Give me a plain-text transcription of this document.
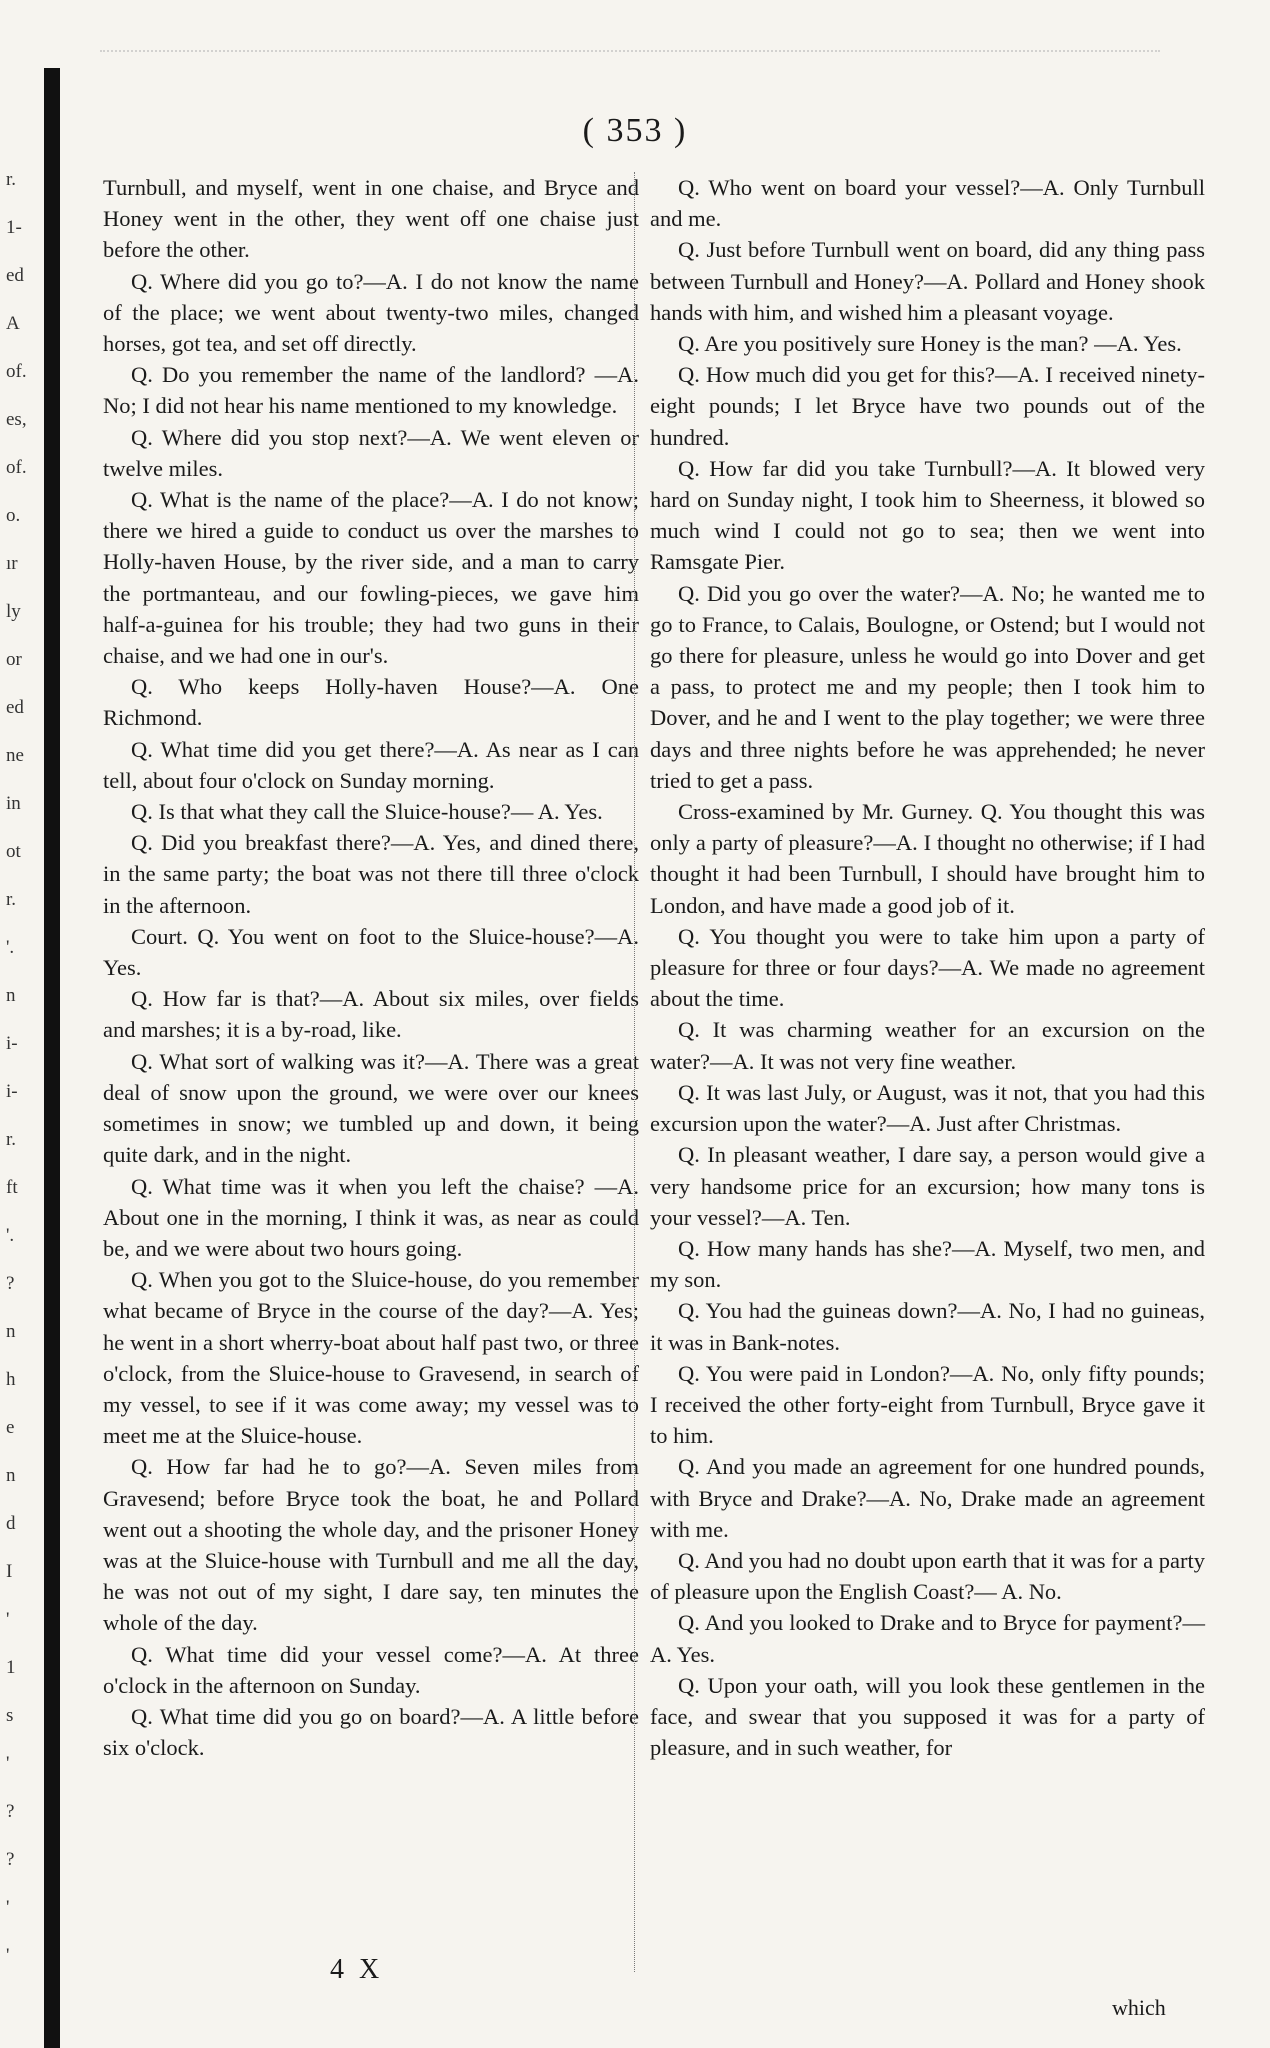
r.
1-
ed
A
of.
es,
of.
o.
ır
ly
or
ed
ne
in
ot
r.
'.
n
i-
i-
r.
ft
'.
?
n
h
e
n
d
I
'
1
s
'
?
?
'
'
( 353 )

Turnbull, and myself, went in one chaise, and Bryce and Honey went in the other, they went off one chaise just before the other.

Q. Where did you go to?—A. I do not know the name of the place; we went about twenty-two miles, changed horses, got tea, and set off directly.

Q. Do you remember the name of the landlord? —A. No; I did not hear his name mentioned to my knowledge.

Q. Where did you stop next?—A. We went eleven or twelve miles.

Q. What is the name of the place?—A. I do not know; there we hired a guide to conduct us over the marshes to Holly-haven House, by the river side, and a man to carry the portmanteau, and our fowling-pieces, we gave him half-a-guinea for his trouble; they had two guns in their chaise, and we had one in our's.

Q. Who keeps Holly-haven House?—A. One Richmond.

Q. What time did you get there?—A. As near as I can tell, about four o'clock on Sunday morning.

Q. Is that what they call the Sluice-house?— A. Yes.

Q. Did you breakfast there?—A. Yes, and dined there, in the same party; the boat was not there till three o'clock in the afternoon.

Court. Q. You went on foot to the Sluice-house?—A. Yes.

Q. How far is that?—A. About six miles, over fields and marshes; it is a by-road, like.

Q. What sort of walking was it?—A. There was a great deal of snow upon the ground, we were over our knees sometimes in snow; we tumbled up and down, it being quite dark, and in the night.

Q. What time was it when you left the chaise? —A. About one in the morning, I think it was, as near as could be, and we were about two hours going.

Q. When you got to the Sluice-house, do you remember what became of Bryce in the course of the day?—A. Yes; he went in a short wherry-boat about half past two, or three o'clock, from the Sluice-house to Gravesend, in search of my vessel, to see if it was come away; my vessel was to meet me at the Sluice-house.

Q. How far had he to go?—A. Seven miles from Gravesend; before Bryce took the boat, he and Pollard went out a shooting the whole day, and the prisoner Honey was at the Sluice-house with Turnbull and me all the day, he was not out of my sight, I dare say, ten minutes the whole of the day.

Q. What time did your vessel come?—A. At three o'clock in the afternoon on Sunday.

Q. What time did you go on board?—A. A little before six o'clock.

Q. Who went on board your vessel?—A. Only Turnbull and me.

Q. Just before Turnbull went on board, did any thing pass between Turnbull and Honey?—A. Pollard and Honey shook hands with him, and wished him a pleasant voyage.

Q. Are you positively sure Honey is the man? —A. Yes.

Q. How much did you get for this?—A. I received ninety-eight pounds; I let Bryce have two pounds out of the hundred.

Q. How far did you take Turnbull?—A. It blowed very hard on Sunday night, I took him to Sheerness, it blowed so much wind I could not go to sea; then we went into Ramsgate Pier.

Q. Did you go over the water?—A. No; he wanted me to go to France, to Calais, Boulogne, or Ostend; but I would not go there for pleasure, unless he would go into Dover and get a pass, to protect me and my people; then I took him to Dover, and he and I went to the play together; we were three days and three nights before he was apprehended; he never tried to get a pass.

Cross-examined by Mr. Gurney. Q. You thought this was only a party of pleasure?—A. I thought no otherwise; if I had thought it had been Turnbull, I should have brought him to London, and have made a good job of it.

Q. You thought you were to take him upon a party of pleasure for three or four days?—A. We made no agreement about the time.

Q. It was charming weather for an excursion on the water?—A. It was not very fine weather.

Q. It was last July, or August, was it not, that you had this excursion upon the water?—A. Just after Christmas.

Q. In pleasant weather, I dare say, a person would give a very handsome price for an excursion; how many tons is your vessel?—A. Ten.

Q. How many hands has she?—A. Myself, two men, and my son.

Q. You had the guineas down?—A. No, I had no guineas, it was in Bank-notes.

Q. You were paid in London?—A. No, only fifty pounds; I received the other forty-eight from Turnbull, Bryce gave it to him.

Q. And you made an agreement for one hundred pounds, with Bryce and Drake?—A. No, Drake made an agreement with me.

Q. And you had no doubt upon earth that it was for a party of pleasure upon the English Coast?— A. No.

Q. And you looked to Drake and to Bryce for payment?—A. Yes.

Q. Upon your oath, will you look these gentlemen in the face, and swear that you supposed it was for a party of pleasure, and in such weather, for

4 X
which
